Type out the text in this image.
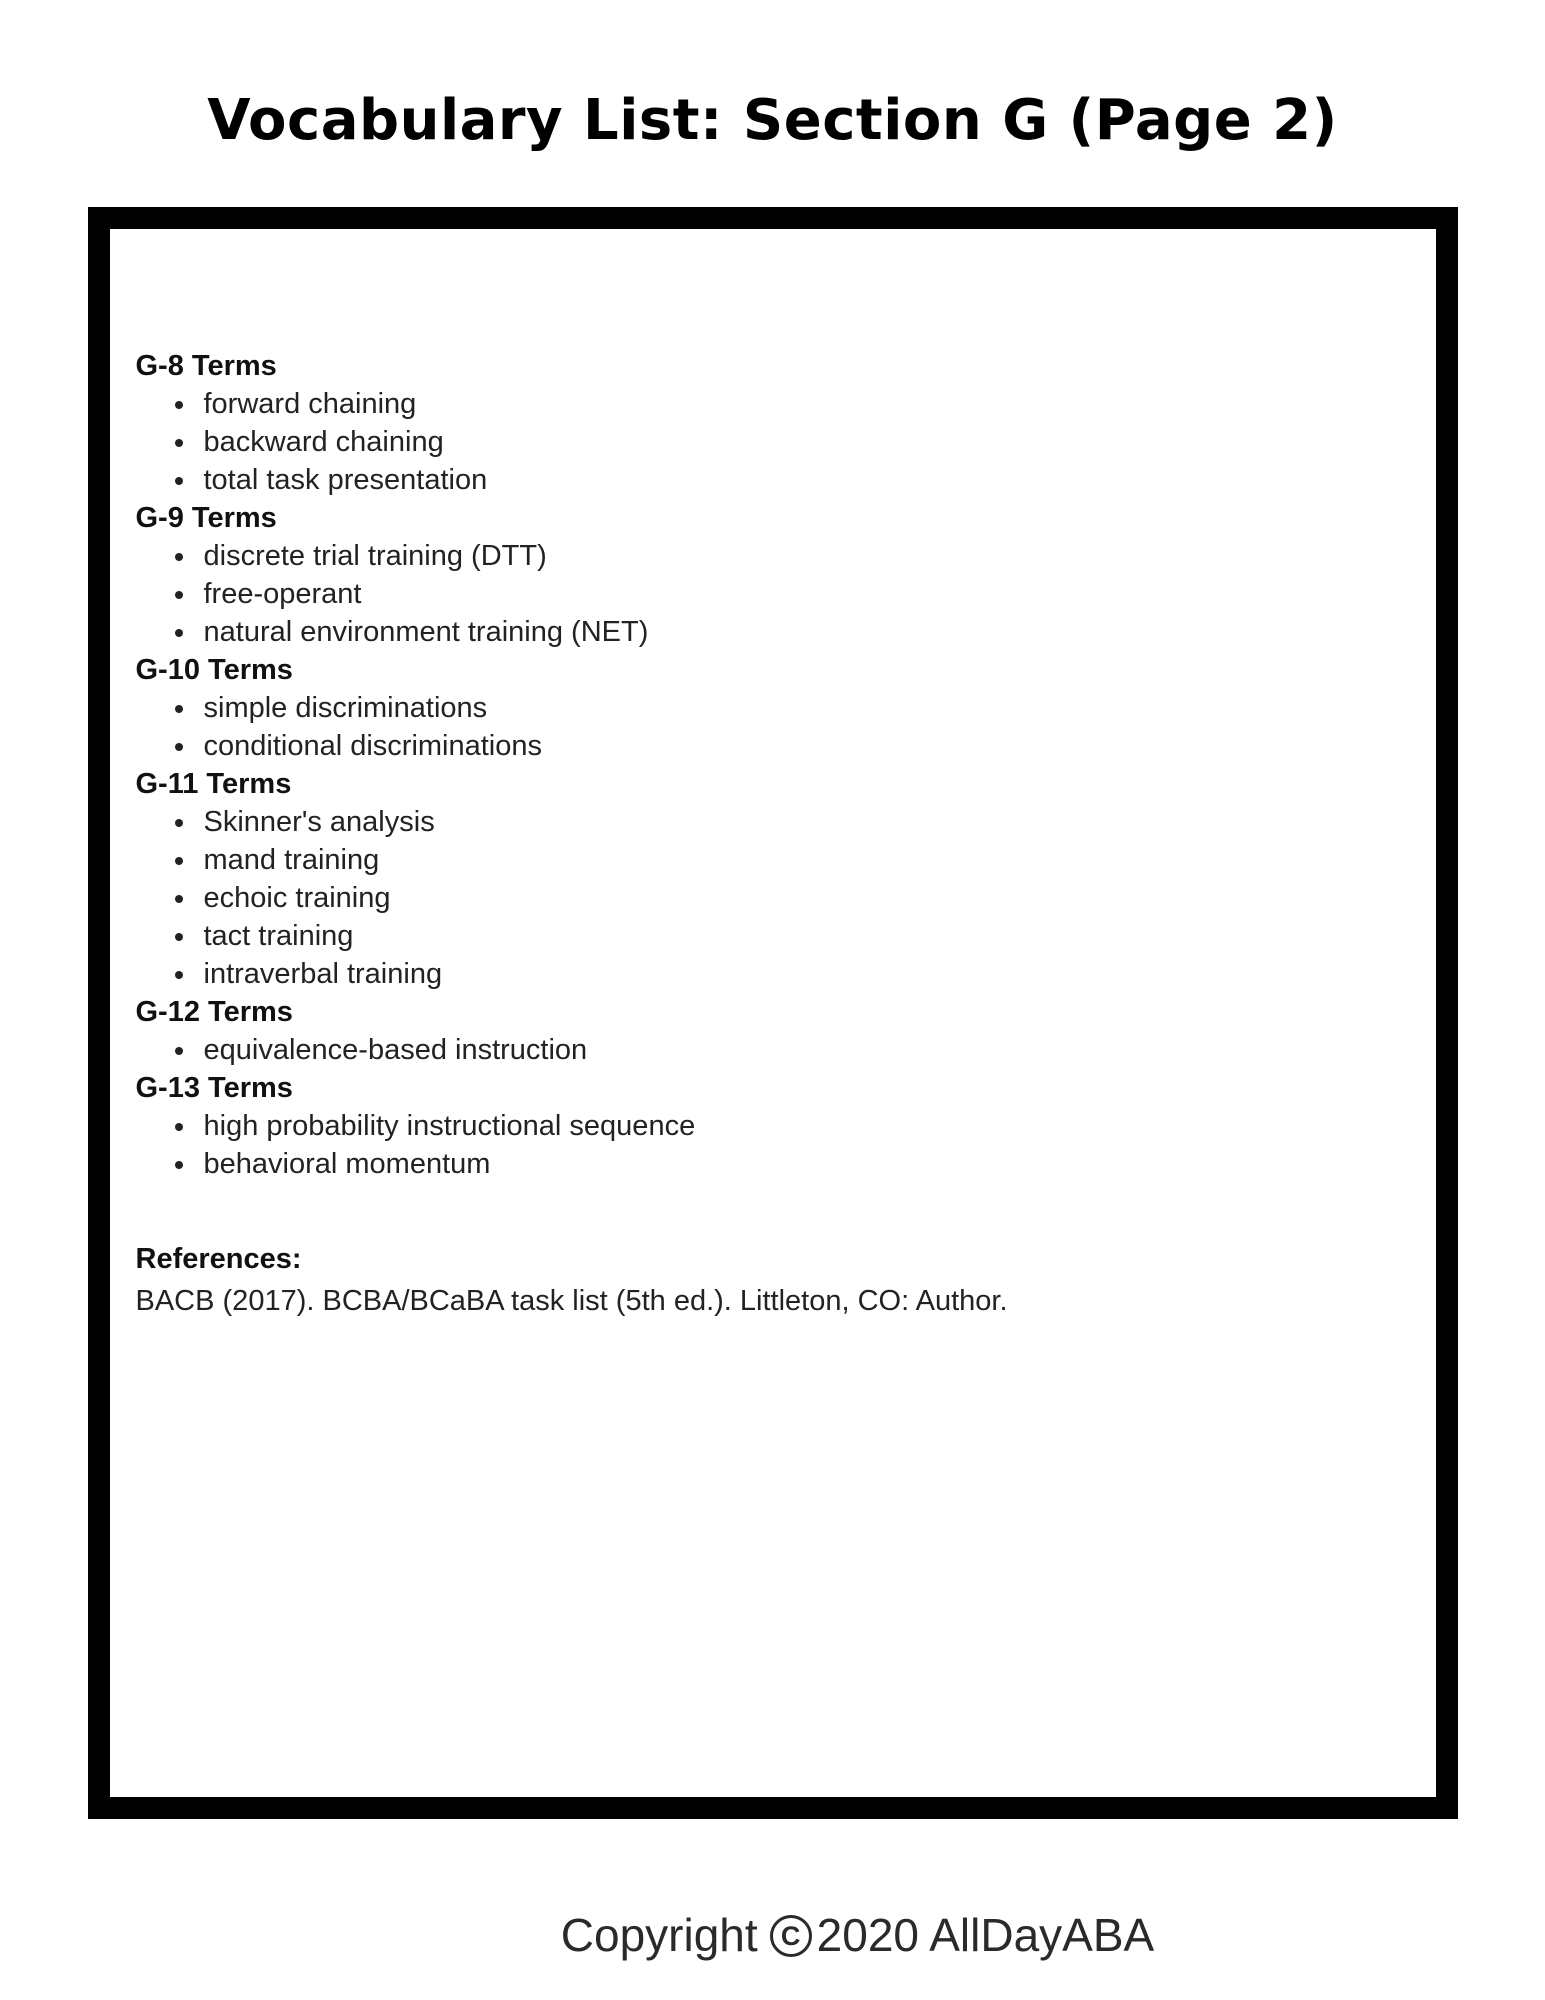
Vocabulary List: Section G (Page 2)
G-8 Terms
• forward chaining
• backward chaining
• total task presentation
G-9 Terms
• discrete trial training (DTT)
• free-operant
• natural environment training (NET)
G-10 Terms
• simple discriminations
• conditional discriminations
G-11 Terms
• Skinner's analysis
• mand training
• echoic training
• tact training
• intraverbal training
G-12 Terms
• equivalence-based instruction
G-13 Terms
• high probability instructional sequence
• behavioral momentum
References:
BACB (2017). BCBA/BCaBA task list (5th ed.). Littleton, CO: Author.
Copyright C 2020 AllDayABA
